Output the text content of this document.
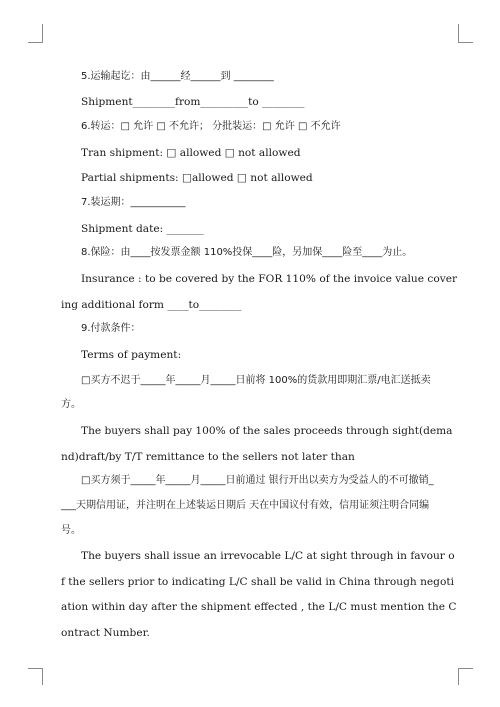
5.运输起讫：由______经______到 ________
Shipment________from_________to ________
6.转运：□ 允许 □ 不允许； 分批装运：□ 允许 □ 不允许
Tran shipment: □ allowed □ not allowed
Partial shipments: □allowed □ not allowed
7.装运期：___________
Shipment date: _______
8.保险：由____按发票金额 110%投保____险，另加保____险至____为止。
Insurance : to be covered by the FOR 110% of the invoice value cover
ing additional form ____to________
9.付款条件：
Terms of payment:
□买方不迟于_____年_____月_____日前将 100%的货款用即期汇票/电汇送抵卖
方。
The buyers shall pay 100% of the sales proceeds through sight(dema
nd)draft/by T/T remittance to the sellers not later than
□买方须于_____年_____月_____日前通过 银行开出以卖方为受益人的不可撤销_
___天期信用证，并注明在上述装运日期后 天在中国议付有效，信用证须注明合同编
号。
The buyers shall issue an irrevocable L/C at sight through in favour o
f the sellers prior to indicating L/C shall be valid in China through negoti
ation within day after the shipment effected , the L/C must mention the C
ontract Number.
